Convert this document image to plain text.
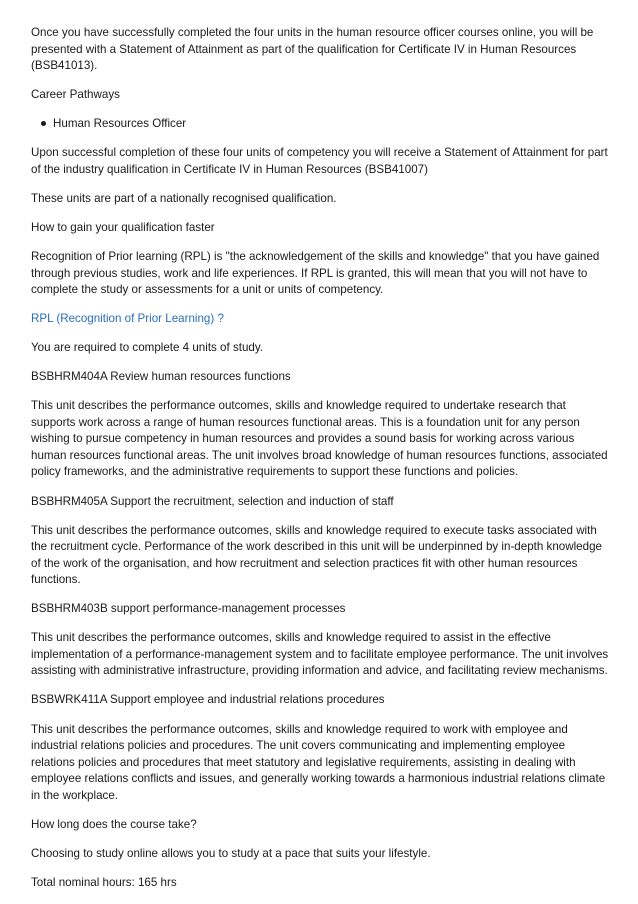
Once you have successfully completed the four units in the human resource officer courses online, you will be presented with a Statement of Attainment as part of the qualification for Certificate IV in Human Resources (BSB41013).

Career Pathways

Human Resources Officer

Upon successful completion of these four units of competency you will receive a Statement of Attainment for part of the industry qualification in Certificate IV in Human Resources (BSB41007)

These units are part of a nationally recognised qualification.

How to gain your qualification faster

Recognition of Prior learning (RPL) is "the acknowledgement of the skills and knowledge" that you have gained through previous studies, work and life experiences. If RPL is granted, this will mean that you will not have to complete the study or assessments for a unit or units of competency.

RPL (Recognition of Prior Learning) ?

You are required to complete 4 units of study.

BSBHRM404A Review human resources functions

This unit describes the performance outcomes, skills and knowledge required to undertake research that supports work across a range of human resources functional areas. This is a foundation unit for any person wishing to pursue competency in human resources and provides a sound basis for working across various human resources functional areas. The unit involves broad knowledge of human resources functions, associated policy frameworks, and the administrative requirements to support these functions and policies.

BSBHRM405A Support the recruitment, selection and induction of staff

This unit describes the performance outcomes, skills and knowledge required to execute tasks associated with the recruitment cycle. Performance of the work described in this unit will be underpinned by in-depth knowledge of the work of the organisation, and how recruitment and selection practices fit with other human resources functions.

BSBHRM403B support performance-management processes

This unit describes the performance outcomes, skills and knowledge required to assist in the effective implementation of a performance-management system and to facilitate employee performance. The unit involves assisting with administrative infrastructure, providing information and advice, and facilitating review mechanisms.

BSBWRK411A Support employee and industrial relations procedures

This unit describes the performance outcomes, skills and knowledge required to work with employee and industrial relations policies and procedures. The unit covers communicating and implementing employee relations policies and procedures that meet statutory and legislative requirements, assisting in dealing with employee relations conflicts and issues, and generally working towards a harmonious industrial relations climate in the workplace.

How long does the course take?

Choosing to study online allows you to study at a pace that suits your lifestyle.

Total nominal hours: 165 hrs
